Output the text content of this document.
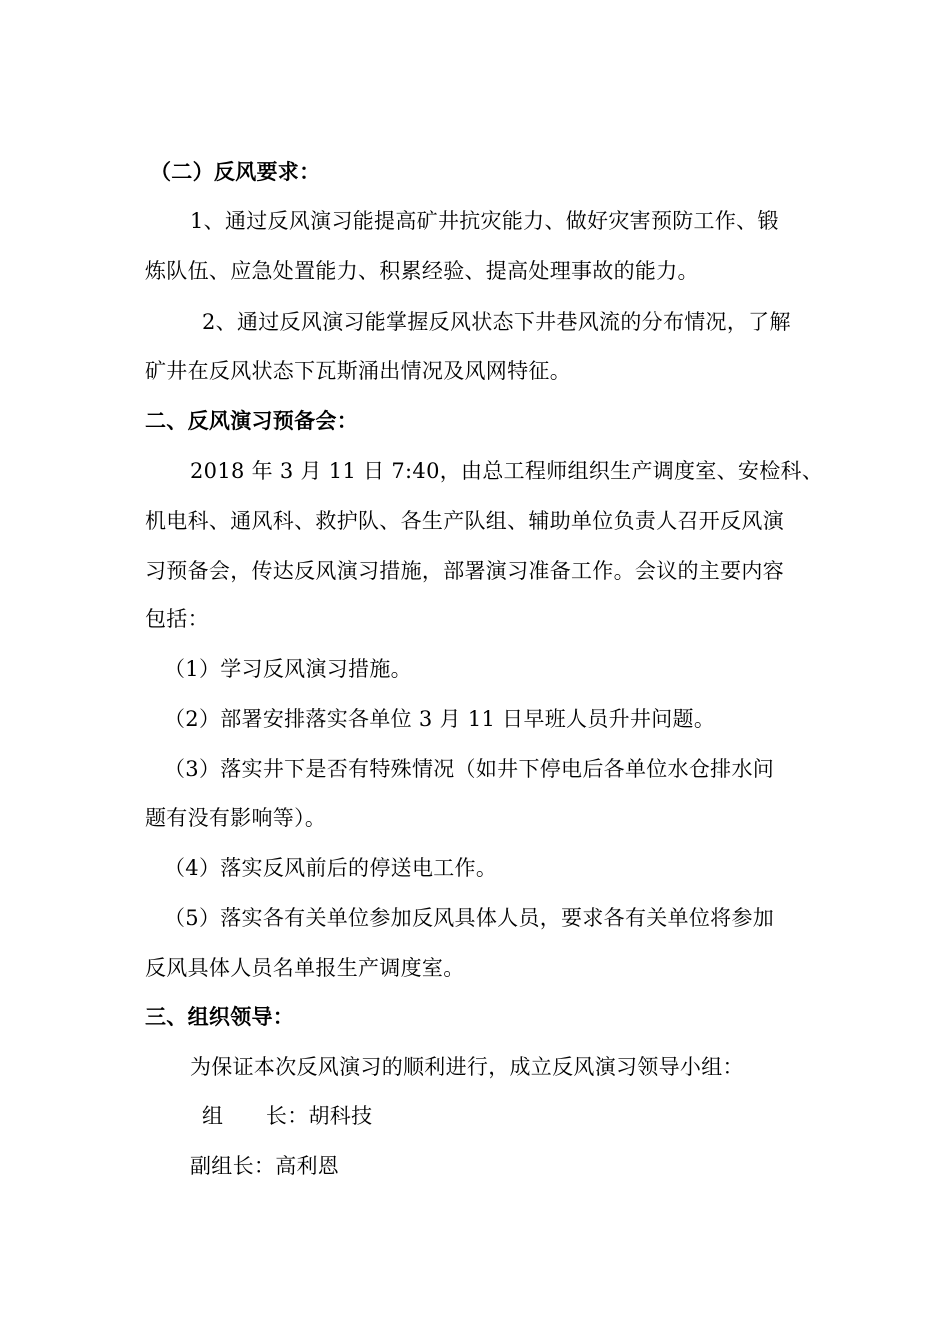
（二）反风要求：
1、通过反风演习能提高矿井抗灾能力、做好灾害预防工作、锻
炼队伍、应急处置能力、积累经验、提高处理事故的能力。
2、通过反风演习能掌握反风状态下井巷风流的分布情况，了解
矿井在反风状态下瓦斯涌出情况及风网特征。
二、反风演习预备会：
2018 年 3 月 11 日 7:40，由总工程师组织生产调度室、安检科、
机电科、通风科、救护队、各生产队组、辅助单位负责人召开反风演
习预备会，传达反风演习措施，部署演习准备工作。会议的主要内容
包括：
（1）学习反风演习措施。
（2）部署安排落实各单位 3 月 11 日早班人员升井问题。
（3）落实井下是否有特殊情况（如井下停电后各单位水仓排水问
题有没有影响等）。
（4）落实反风前后的停送电工作。
（5）落实各有关单位参加反风具体人员，要求各有关单位将参加
反风具体人员名单报生产调度室。
三、组织领导：
为保证本次反风演习的顺利进行，成立反风演习领导小组：
组　　长：胡科技
副组长：高利恩
